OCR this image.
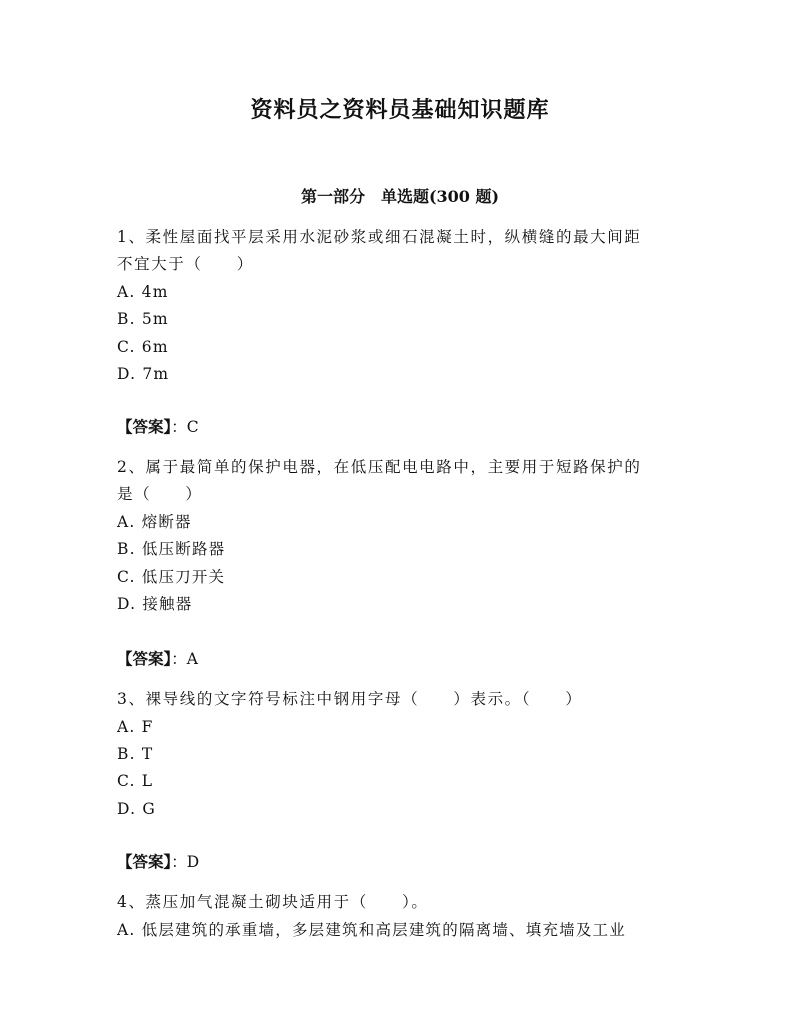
资料员之资料员基础知识题库
第一部分　单选题(300 题)
1、柔性屋面找平层采用水泥砂浆或细石混凝土时，纵横缝的最大间距
不宜大于（　　）
A. 4m
B. 5m
C. 6m
D. 7m
【答案】：C
2、属于最简单的保护电器，在低压配电电路中，主要用于短路保护的
是（　　）
A. 熔断器
B. 低压断路器
C. 低压刀开关
D. 接触器
【答案】：A
3、裸导线的文字符号标注中钢用字母（　　）表示。（　　）
A. F
B. T
C. L
D. G
【答案】：D
4、蒸压加气混凝土砌块适用于（　　）。
A. 低层建筑的承重墙，多层建筑和高层建筑的隔离墙、填充墙及工业
